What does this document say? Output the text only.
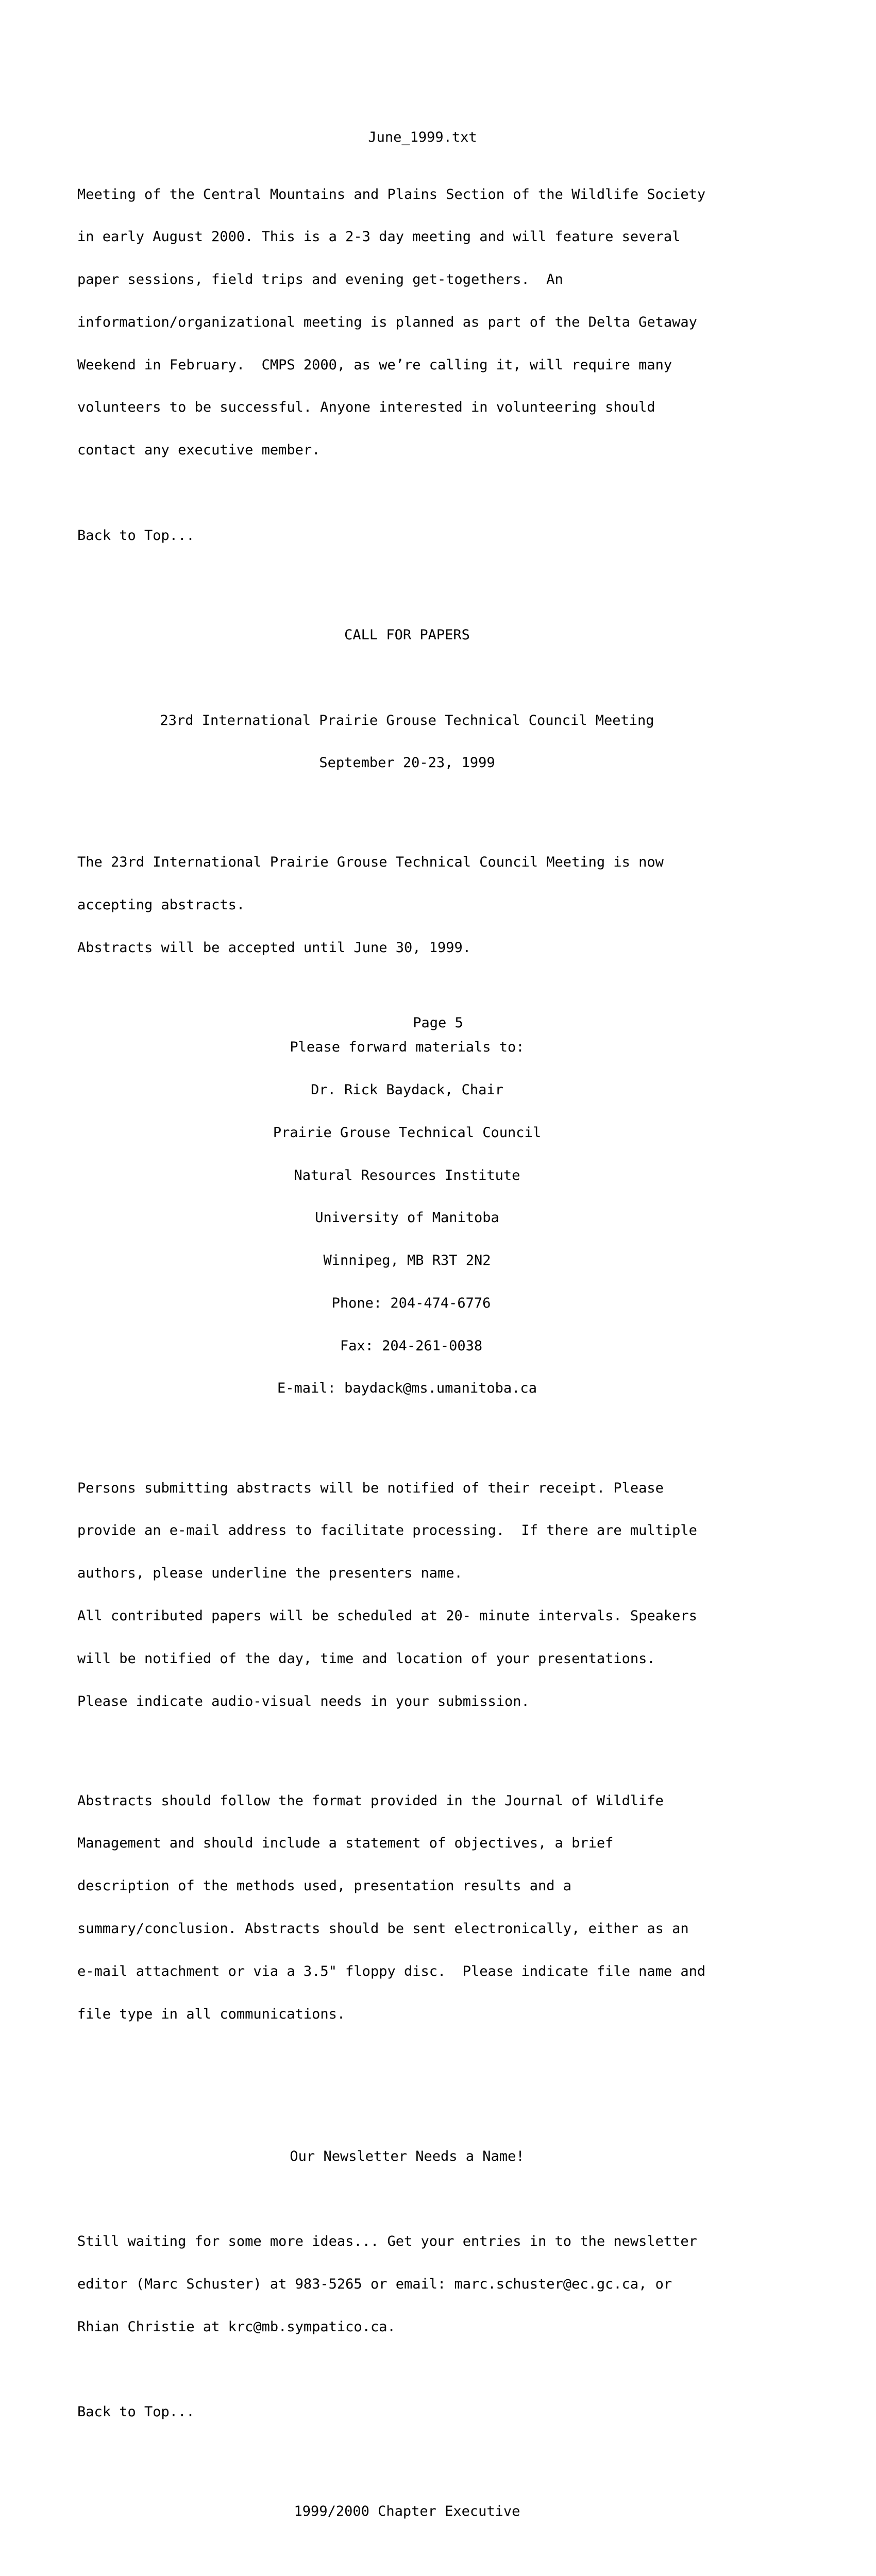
June_1999.txt

Meeting of the Central Mountains and Plains Section of the Wildlife Society

in early August 2000. This is a 2-3 day meeting and will feature several

paper sessions, field trips and evening get-togethers.  An

information/organizational meeting is planned as part of the Delta Getaway

Weekend in February.  CMPS 2000, as we’re calling it, will require many

volunteers to be successful. Anyone interested in volunteering should

contact any executive member.

Back to Top...

CALL FOR PAPERS

23rd International Prairie Grouse Technical Council Meeting

September 20-23, 1999

The 23rd International Prairie Grouse Technical Council Meeting is now

accepting abstracts.

Abstracts will be accepted until June 30, 1999.

Please forward materials to:

Dr. Rick Baydack, Chair

Prairie Grouse Technical Council

Natural Resources Institute

University of Manitoba

Winnipeg, MB R3T 2N2

Phone: 204-474-6776

Fax: 204-261-0038

E-mail: baydack@ms.umanitoba.ca

Persons submitting abstracts will be notified of their receipt. Please

provide an e-mail address to facilitate processing.  If there are multiple

authors, please underline the presenters name.

All contributed papers will be scheduled at 20- minute intervals. Speakers

will be notified of the day, time and location of your presentations.

Please indicate audio-visual needs in your submission.

Abstracts should follow the format provided in the Journal of Wildlife

Management and should include a statement of objectives, a brief

description of the methods used, presentation results and a

summary/conclusion. Abstracts should be sent electronically, either as an

e-mail attachment or via a 3.5" floppy disc.  Please indicate file name and

file type in all communications.

Our Newsletter Needs a Name!

Still waiting for some more ideas... Get your entries in to the newsletter

editor (Marc Schuster) at 983-5265 or email: marc.schuster@ec.gc.ca, or

Rhian Christie at krc@mb.sympatico.ca.

Back to Top...

1999/2000 Chapter Executive

Page 5
